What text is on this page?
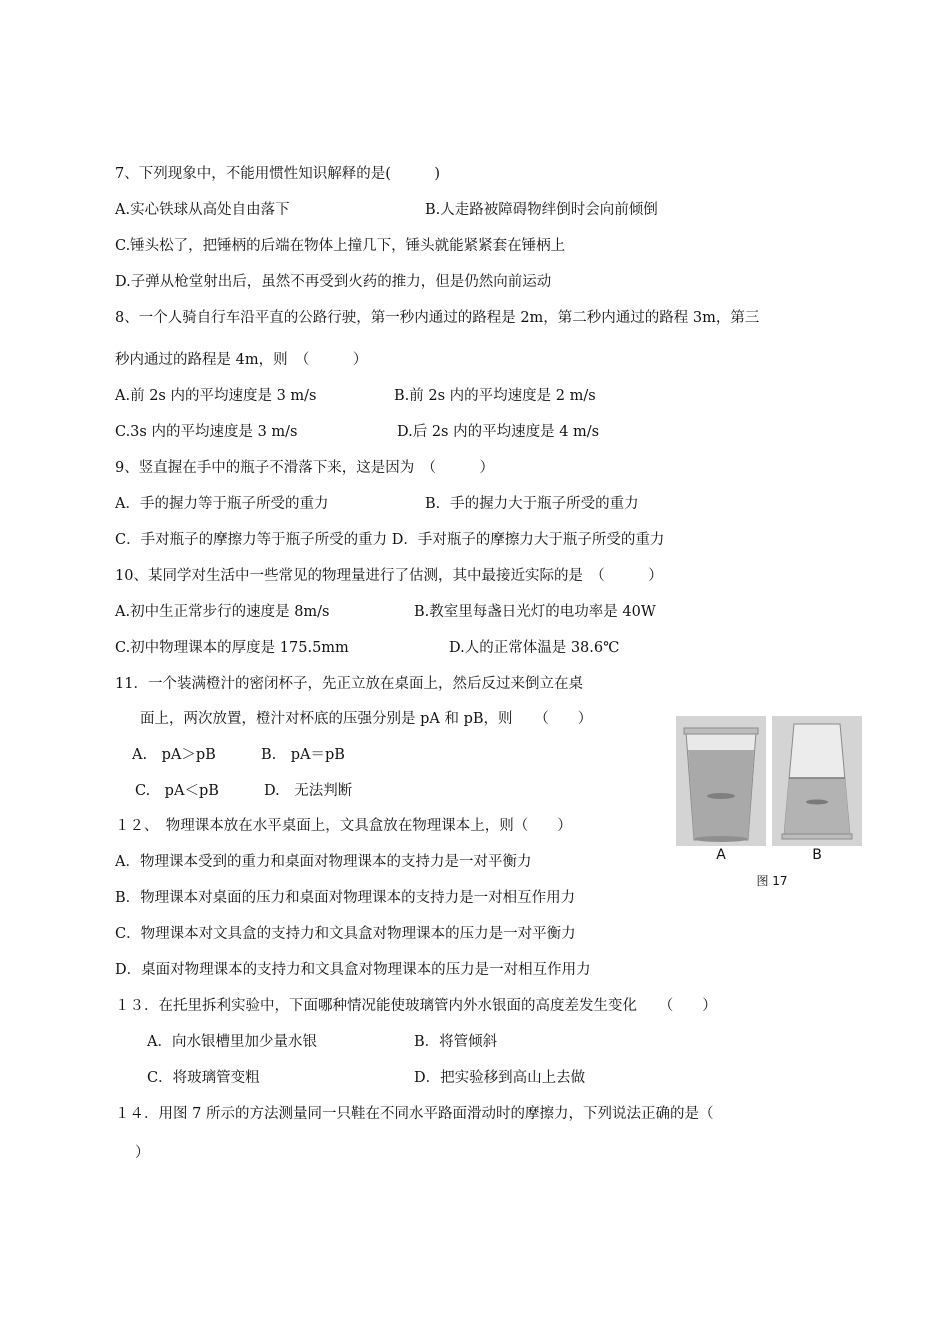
7、下列现象中，不能用惯性知识解释的是(　　　)
A.实心铁球从高处自由落下	B.人走路被障碍物绊倒时会向前倾倒
C.锤头松了，把锤柄的后端在物体上撞几下，锤头就能紧紧套在锤柄上
D.子弹从枪堂射出后，虽然不再受到火药的推力，但是仍然向前运动
8、一个人骑自行车沿平直的公路行驶，第一秒内通过的路程是 2m，第二秒内通过的路程 3m，第三
秒内通过的路程是 4m，则　（　　　）
A.前 2s 内的平均速度是 3 m/s	B.前 2s 内的平均速度是 2 m/s
C.3s 内的平均速度是 3 m/s	D.后 2s 内的平均速度是 4 m/s
9、竖直握在手中的瓶子不滑落下来，这是因为　（　　　）
A．手的握力等于瓶子所受的重力	B．手的握力大于瓶子所受的重力
C．手对瓶子的摩擦力等于瓶子所受的重力 D．手对瓶子的摩擦力大于瓶子所受的重力
10、某同学对生活中一些常见的物理量进行了估测，其中最接近实际的是　（　　　）
A.初中生正常步行的速度是 8m/s	B.教室里每盏日光灯的电功率是 40W
C.初中物理课本的厚度是 175.5mm	D.人的正常体温是 38.6℃
11．一个装满橙汁的密闭杯子，先正立放在桌面上，然后反过来倒立在桌
面上，两次放置，橙汁对杯底的压强分别是 pA 和 pB，则　　（　　）
A.　pA＞pB	B.　pA＝pB
C.　pA＜pB	D.　无法判断
１２、　物理课本放在水平桌面上，文具盒放在物理课本上，则（　　）
A．物理课本受到的重力和桌面对物理课本的支持力是一对平衡力
B．物理课本对桌面的压力和桌面对物理课本的支持力是一对相互作用力
C．物理课本对文具盒的支持力和文具盒对物理课本的压力是一对平衡力
D．桌面对物理课本的支持力和文具盒对物理课本的压力是一对相互作用力
１３．在托里拆利实验中，下面哪种情况能使玻璃管内外水银面的高度差发生变化　　（　　）
A．向水银槽里加少量水银	B．将管倾斜
C．将玻璃管变粗	D．把实验移到高山上去做
１４．用图 7 所示的方法测量同一只鞋在不同水平路面滑动时的摩擦力，下列说法正确的是（
）
A	B
图 17
